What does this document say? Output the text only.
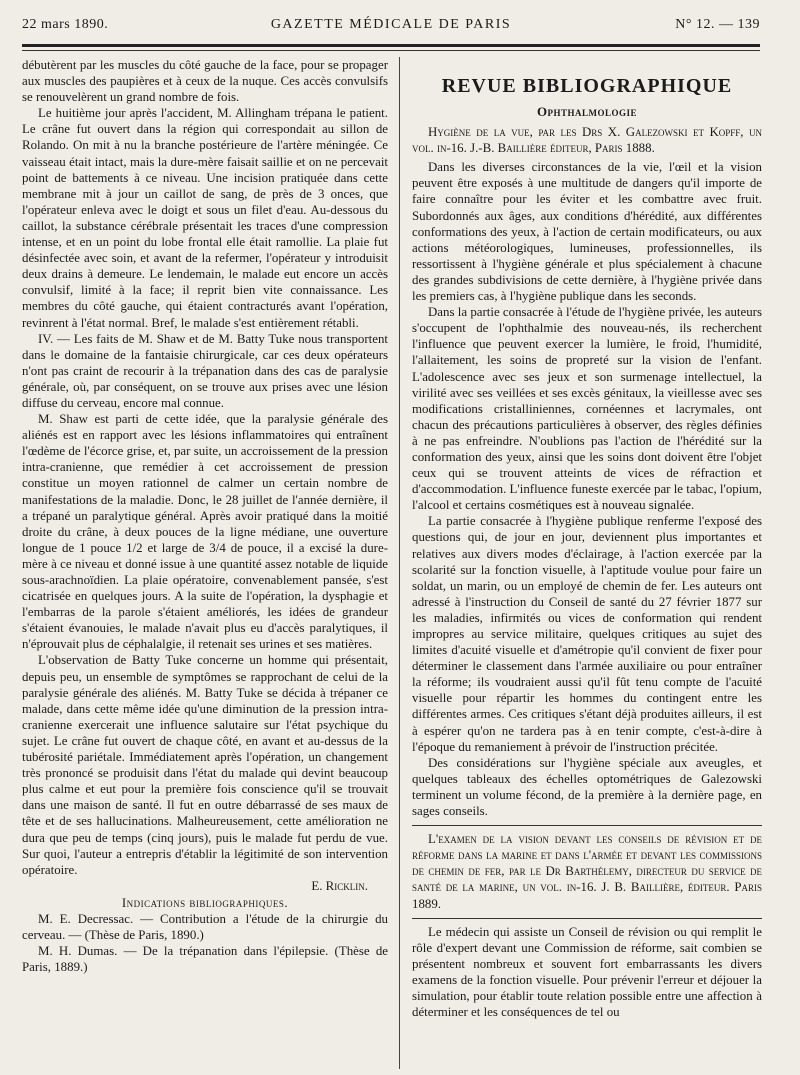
22 mars 1890.	GAZETTE MÉDICALE DE PARIS	N° 12. — 139

débutèrent par les muscles du côté gauche de la face, pour se propager aux muscles des paupières et à ceux de la nuque. Ces accès convulsifs se renouvelèrent un grand nombre de fois.

Le huitième jour après l'accident, M. Allingham trépana le patient. Le crâne fut ouvert dans la région qui correspondait au sillon de Rolando. On mit à nu la branche postérieure de l'artère méningée. Ce vaisseau était intact, mais la dure-mère faisait saillie et on ne percevait point de battements à ce niveau. Une incision pratiquée dans cette membrane mit à jour un caillot de sang, de près de 3 onces, que l'opérateur enleva avec le doigt et sous un filet d'eau. Au-dessous du caillot, la substance cérébrale présentait les traces d'une compression intense, et en un point du lobe frontal elle était ramollie. La plaie fut désinfectée avec soin, et avant de la refermer, l'opérateur y introduisit deux drains à demeure. Le lendemain, le malade eut encore un accès convulsif, limité à la face; il reprit bien vite connaissance. Les membres du côté gauche, qui étaient contracturés avant l'opération, revinrent à l'état normal. Bref, le malade s'est entièrement rétabli.

IV. — Les faits de M. Shaw et de M. Batty Tuke nous transportent dans le domaine de la fantaisie chirurgicale, car ces deux opérateurs n'ont pas craint de recourir à la trépanation dans des cas de paralysie générale, où, par conséquent, on se trouve aux prises avec une lésion diffuse du cerveau, encore mal connue.

M. Shaw est parti de cette idée, que la paralysie générale des aliénés est en rapport avec les lésions inflammatoires qui entraînent l'œdème de l'écorce grise, et, par suite, un accroissement de la pression intra-cranienne, que remédier à cet accroissement de pression constitue un moyen rationnel de calmer un certain nombre de manifestations de la maladie. Donc, le 28 juillet de l'année dernière, il a trépané un paralytique général. Après avoir pratiqué dans la moitié droite du crâne, à deux pouces de la ligne médiane, une ouverture longue de 1 pouce 1/2 et large de 3/4 de pouce, il a excisé la dure-mère à ce niveau et donné issue à une quantité assez notable de liquide sous-arachnoïdien. La plaie opératoire, convenablement pansée, s'est cicatrisée en quelques jours. A la suite de l'opération, la dysphagie et l'embarras de la parole s'étaient améliorés, les idées de grandeur s'étaient évanouies, le malade n'avait plus eu d'accès paralytiques, il n'éprouvait plus de céphalalgie, il retenait ses urines et ses matières.

L'observation de Batty Tuke concerne un homme qui présentait, depuis peu, un ensemble de symptômes se rapprochant de celui de la paralysie générale des aliénés. M. Batty Tuke se décida à trépaner ce malade, dans cette même idée qu'une diminution de la pression intra-cranienne exercerait une influence salutaire sur l'état psychique du sujet. Le crâne fut ouvert de chaque côté, en avant et au-dessus de la tubérosité pariétale. Immédiatement après l'opération, un changement très prononcé se produisit dans l'état du malade qui devint beaucoup plus calme et eut pour la première fois conscience qu'il se trouvait dans une maison de santé. Il fut en outre débarrassé de ses maux de tête et de ses hallucinations. Malheureusement, cette amélioration ne dura que peu de temps (cinq jours), puis le malade fut perdu de vue. Sur quoi, l'auteur a entrepris d'établir la légitimité de son intervention opératoire.

E. Ricklin.

Indications bibliographiques.

M. E. Decressac. — Contribution a l'étude de la chirurgie du cerveau. — (Thèse de Paris, 1890.)

M. H. Dumas. — De la trépanation dans l'épilepsie. (Thèse de Paris, 1889.)

REVUE BIBLIOGRAPHIQUE
Ophthalmologie

Hygiène de la vue, par les Drs X. Galezowski et Kopff, un vol. in-16. J.-B. Baillière éditeur, Paris 1888.

Dans les diverses circonstances de la vie, l'œil et la vision peuvent être exposés à une multitude de dangers qu'il importe de faire connaître pour les éviter et les combattre avec fruit. Subordonnés aux âges, aux conditions d'hérédité, aux différentes conformations des yeux, à l'action de certain modificateurs, ou aux actions météorologiques, lumineuses, professionnelles, ils ressortissent à l'hygiène générale et plus spécialement à chacune des grandes subdivisions de cette dernière, à l'hygiène privée dans les premiers cas, à l'hygiène publique dans les seconds.

Dans la partie consacrée à l'étude de l'hygiène privée, les auteurs s'occupent de l'ophthalmie des nouveau-nés, ils recherchent l'influence que peuvent exercer la lumière, le froid, l'humidité, l'allaitement, les soins de propreté sur la vision de l'enfant. L'adolescence avec ses jeux et son surmenage intellectuel, la virilité avec ses veillées et ses excès génitaux, la vieillesse avec ses modifications cristalliniennes, cornéennes et lacrymales, ont chacun des précautions particulières à observer, des règles définies à ne pas enfreindre. N'oublions pas l'action de l'hérédité sur la conformation des yeux, ainsi que les soins dont doivent être l'objet ceux qui se trouvent atteints de vices de réfraction et d'accommodation. L'influence funeste exercée par le tabac, l'opium, l'alcool et certains cosmétiques est à nouveau signalée.

La partie consacrée à l'hygiène publique renferme l'exposé des questions qui, de jour en jour, deviennent plus importantes et relatives aux divers modes d'éclairage, à l'action exercée par la scolarité sur la fonction visuelle, à l'aptitude voulue pour faire un soldat, un marin, ou un employé de chemin de fer. Les auteurs ont adressé à l'instruction du Conseil de santé du 27 février 1877 sur les maladies, infirmités ou vices de conformation qui rendent impropres au service militaire, quelques critiques au sujet des limites d'acuité visuelle et d'amétropie qu'il convient de fixer pour déterminer le classement dans l'armée auxiliaire ou pour entraîner la réforme; ils voudraient aussi qu'il fût tenu compte de l'acuité visuelle pour répartir les hommes du contingent entre les différentes armes. Ces critiques s'étant déjà produites ailleurs, il est à espérer qu'on ne tardera pas à en tenir compte, c'est-à-dire à l'époque du remaniement à prévoir de l'instruction précitée.

Des considérations sur l'hygiène spéciale aux aveugles, et quelques tableaux des échelles optométriques de Galezowski terminent un volume fécond, de la première à la dernière page, en sages conseils.

L'examen de la vision devant les conseils de révision et de réforme dans la marine et dans l'armée et devant les commissions de chemin de fer, par le Dr Barthélemy, directeur du service de santé de la marine, un vol. in-16. J. B. Baillière, éditeur. Paris 1889.

Le médecin qui assiste un Conseil de révision ou qui remplit le rôle d'expert devant une Commission de réforme, sait combien se présentent nombreux et souvent fort embarrassants les divers examens de la fonction visuelle. Pour prévenir l'erreur et déjouer la simulation, pour établir toute relation possible entre une affection à déterminer et les conséquences de tel ou
